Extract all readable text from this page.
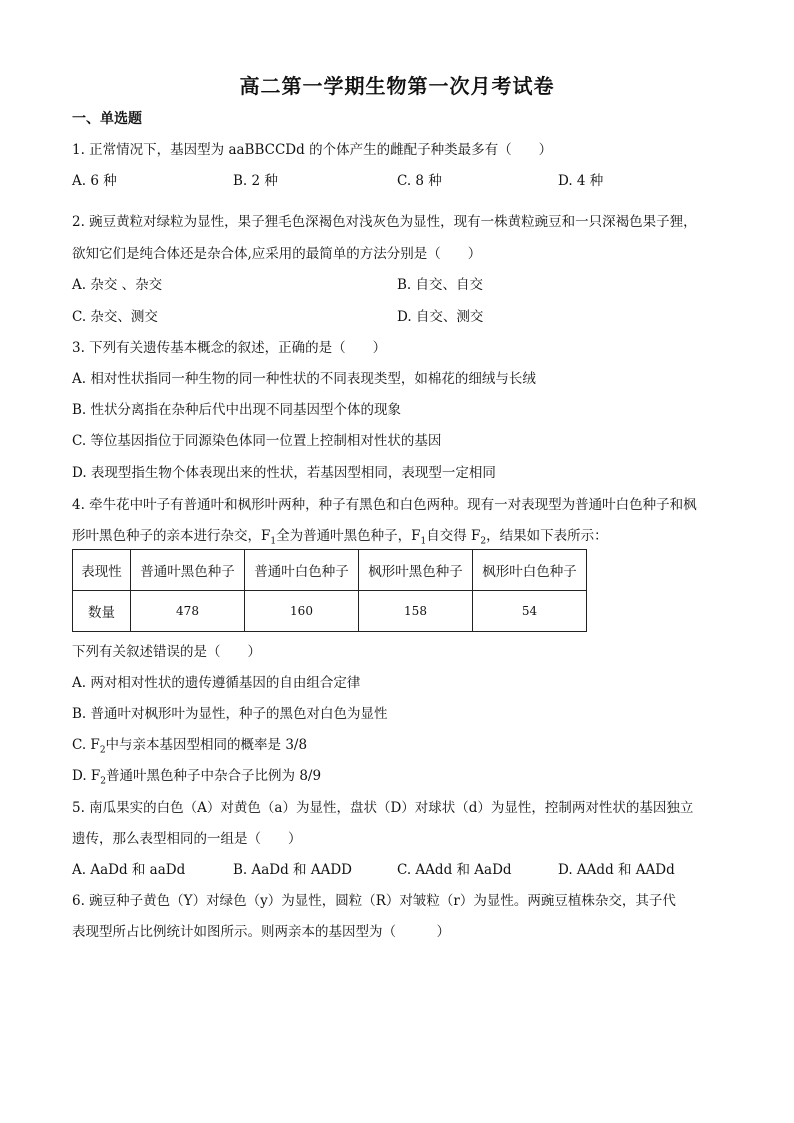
高二第一学期生物第一次月考试卷
一、单选题
1. 正常情况下，基因型为 aaBBCCDd 的个体产生的雌配子种类最多有（　　）
A. 6 种	B. 2 种	C. 8 种	D. 4 种
2. 豌豆黄粒对绿粒为显性，果子狸毛色深褐色对浅灰色为显性，现有一株黄粒豌豆和一只深褐色果子狸，
欲知它们是纯合体还是杂合体,应采用的最简单的方法分别是（　　）
A. 杂交 、杂交	B. 自交、自交
C. 杂交、测交	D. 自交、测交
3. 下列有关遗传基本概念的叙述，正确的是（　　）
A. 相对性状指同一种生物的同一种性状的不同表现类型，如棉花的细绒与长绒
B. 性状分离指在杂种后代中出现不同基因型个体的现象
C. 等位基因指位于同源染色体同一位置上控制相对性状的基因
D. 表现型指生物个体表现出来的性状，若基因型相同，表现型一定相同
4. 牵牛花中叶子有普通叶和枫形叶两种，种子有黑色和白色两种。现有一对表现型为普通叶白色种子和枫
形叶黑色种子的亲本进行杂交，$F_1$全为普通叶黑色种子，$F_1$自交得 $F_2$，结果如下表所示：
表现性	普通叶黑色种子	普通叶白色种子	枫形叶黑色种子	枫形叶白色种子
数量	478	160	158	54
下列有关叙述错误的是（　　）
A. 两对相对性状的遗传遵循基因的自由组合定律
B. 普通叶对枫形叶为显性，种子的黑色对白色为显性
C. $F_2$中与亲本基因型相同的概率是 3/8
D. $F_2$普通叶黑色种子中杂合子比例为 8/9
5. 南瓜果实的白色（A）对黄色（a）为显性，盘状（D）对球状（d）为显性，控制两对性状的基因独立
遗传，那么表型相同的一组是（　　）
A. AaDd 和 aaDd	B. AaDd 和 AADD	C. AAdd 和 AaDd	D. AAdd 和 AADd
6. 豌豆种子黄色（Y）对绿色（y）为显性，圆粒（R）对皱粒（r）为显性。两豌豆植株杂交，其子代
表现型所占比例统计如图所示。则两亲本的基因型为（　　　）
